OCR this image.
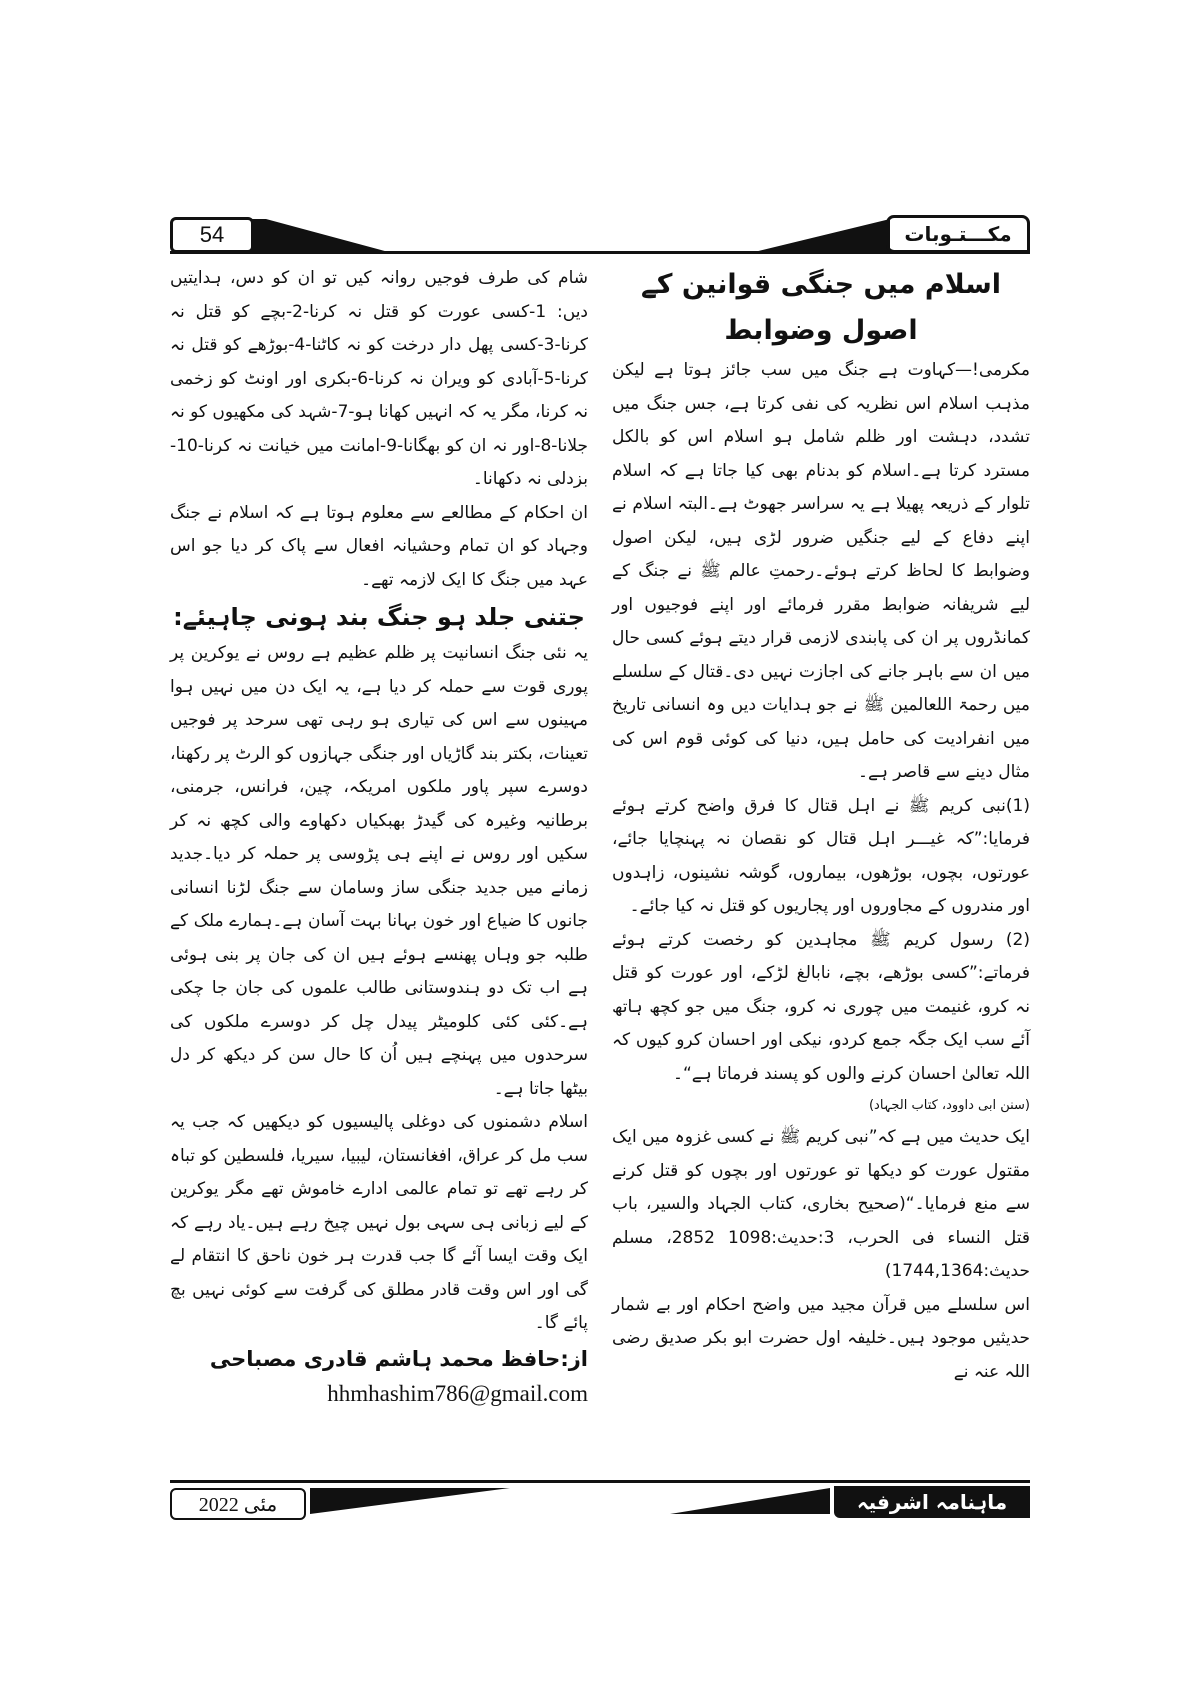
54	مکـــتـوبات

اسلام میں جنگی قوانین کے اصول وضوابط

مکرمی!—کہاوت ہے جنگ میں سب جائز ہوتا ہے لیکن مذہب اسلام اس نظریہ کی نفی کرتا ہے، جس جنگ میں تشدد، دہشت اور ظلم شامل ہو اسلام اس کو بالکل مسترد کرتا ہے۔اسلام کو بدنام بھی کیا جاتا ہے کہ اسلام تلوار کے ذریعہ پھیلا ہے یہ سراسر جھوٹ ہے۔البتہ اسلام نے اپنے دفاع کے لیے جنگیں ضرور لڑی ہیں، لیکن اصول وضوابط کا لحاظ کرتے ہوئے۔رحمتِ عالم ﷺ نے جنگ کے لیے شریفانہ ضوابط مقرر فرمائے اور اپنے فوجیوں اور کمانڈروں پر ان کی پابندی لازمی قرار دیتے ہوئے کسی حال میں ان سے باہر جانے کی اجازت نہیں دی۔قتال کے سلسلے میں رحمۃ اللعالمین ﷺ نے جو ہدایات دیں وہ انسانی تاریخ میں انفرادیت کی حامل ہیں، دنیا کی کوئی قوم اس کی مثال دینے سے قاصر ہے۔

(1)نبی کریم ﷺ نے اہل قتال کا فرق واضح کرتے ہوئے فرمایا:”کہ غیـــر اہل قتال کو نقصان نہ پہنچایا جائے، عورتوں، بچوں، بوڑھوں، بیماروں، گوشہ نشینوں، زاہدوں اور مندروں کے مجاوروں اور پجاریوں کو قتل نہ کیا جائے۔

(2) رسول کریم ﷺ مجاہدین کو رخصت کرتے ہوئے فرماتے:”کسی بوڑھے، بچے، نابالغ لڑکے، اور عورت کو قتل نہ کرو، غنیمت میں چوری نہ کرو، جنگ میں جو کچھ ہاتھ آئے سب ایک جگہ جمع کردو، نیکی اور احسان کرو کیوں کہ اللہ تعالیٰ احسان کرنے والوں کو پسند فرماتا ہے“۔

(سنن ابی داوود، کتاب الجہاد)

ایک حدیث میں ہے کہ”نبی کریم ﷺ نے کسی غزوہ میں ایک مقتول عورت کو دیکھا تو عورتوں اور بچوں کو قتل کرنے سے منع فرمایا۔“(صحیح بخاری، کتاب الجہاد والسیر، باب قتل النساء فی الحرب، 3:حدیث:1098 2852، مسلم حدیث:1744,1364)

اس سلسلے میں قرآن مجید میں واضح احکام اور بے شمار حدیثیں موجود ہیں۔خلیفہ اول حضرت ابو بکر صدیق رضی اللہ عنہ نے

شام کی طرف فوجیں روانہ کیں تو ان کو دس، ہدایتیں دیں: 1-کسی عورت کو قتل نہ کرنا-2-بچے کو قتل نہ کرنا-3-کسی پھل دار درخت کو نہ کاٹنا-4-بوڑھے کو قتل نہ کرنا-5-آبادی کو ویران نہ کرنا-6-بکری اور اونٹ کو زخمی نہ کرنا، مگر یہ کہ انہیں کھانا ہو-7-شہد کی مکھیوں کو نہ جلانا-8-اور نہ ان کو بھگانا-9-امانت میں خیانت نہ کرنا-10-بزدلی نہ دکھانا۔

ان احکام کے مطالعے سے معلوم ہوتا ہے کہ اسلام نے جنگ وجہاد کو ان تمام وحشیانہ افعال سے پاک کر دیا جو اس عہد میں جنگ کا ایک لازمہ تھے۔

جتنی جلد ہو جنگ بند ہونی چاہیئے:

یہ نئی جنگ انسانیت پر ظلم عظیم ہے روس نے یوکرین پر پوری قوت سے حملہ کر دیا ہے، یہ ایک دن میں نہیں ہوا مہینوں سے اس کی تیاری ہو رہی تھی سرحد پر فوجیں تعینات، بکتر بند گاڑیاں اور جنگی جہازوں کو الرٹ پر رکھنا، دوسرے سپر پاور ملکوں امریکہ، چین، فرانس، جرمنی، برطانیہ وغیرہ کی گیدڑ بھبکیاں دکھاوے والی کچھ نہ کر سکیں اور روس نے اپنے ہی پڑوسی پر حملہ کر دیا۔جدید زمانے میں جدید جنگی ساز وسامان سے جنگ لڑنا انسانی جانوں کا ضیاع اور خون بہانا بہت آسان ہے۔ہمارے ملک کے طلبہ جو وہاں پھنسے ہوئے ہیں ان کی جان پر بنی ہوئی ہے اب تک دو ہندوستانی طالب علموں کی جان جا چکی ہے۔کئی کئی کلومیٹر پیدل چل کر دوسرے ملکوں کی سرحدوں میں پہنچے ہیں اُن کا حال سن کر دیکھ کر دل بیٹھا جاتا ہے۔

اسلام دشمنوں کی دوغلی پالیسیوں کو دیکھیں کہ جب یہ سب مل کر عراق، افغانستان، لیبیا، سیریا، فلسطین کو تباہ کر رہے تھے تو تمام عالمی ادارے خاموش تھے مگر یوکرین کے لیے زبانی ہی سہی بول نہیں چیخ رہے ہیں۔یاد رہے کہ ایک وقت ایسا آئے گا جب قدرت ہر خون ناحق کا انتقام لے گی اور اس وقت قادر مطلق کی گرفت سے کوئی نہیں بچ پائے گا۔

از:حافظ محمد ہاشم قادری مصباحی

hhmhashim786@gmail.com

مئی 2022	ماہنامہ اشرفیہ
